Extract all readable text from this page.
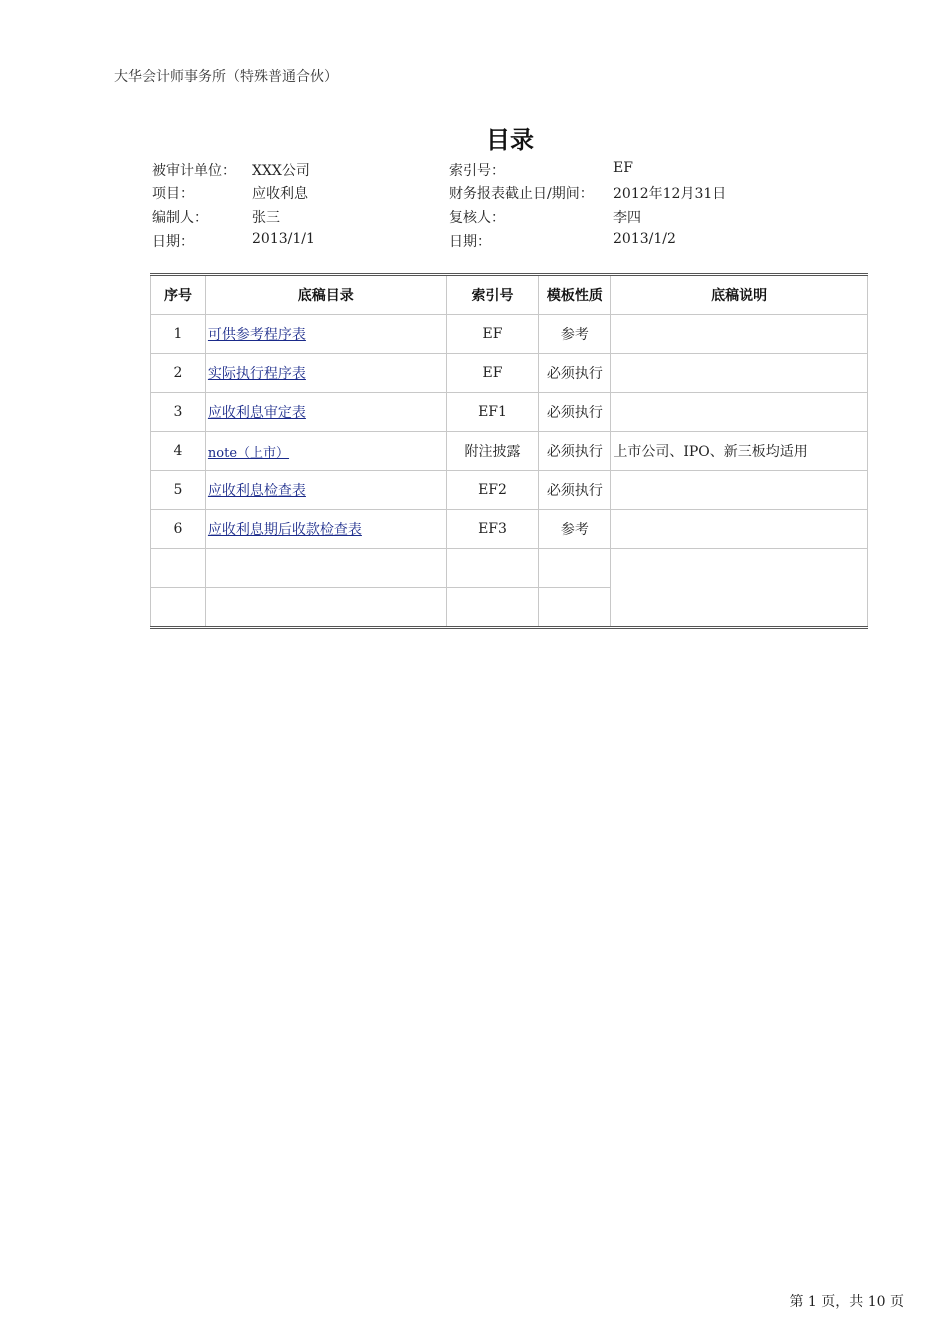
大华会计师事务所（特殊普通合伙）
目录
被审计单位： XXX公司	索引号：	EF
项目：	应收利息	财务报表截止日/期间： 2012年12月31日
编制人：	张三	复核人：	李四
日期：	2013/1/1	日期：	2013/1/2
序号	底稿目录	索引号	模板性质	底稿说明
1	可供参考程序表	EF	参考	
2	实际执行程序表	EF	必须执行	
3	应收利息审定表	EF1	必须执行	
4	note（上市）	附注披露	必须执行	上市公司、IPO、新三板均适用
5	应收利息检查表	EF2	必须执行	
6	应收利息期后收款检查表	EF3	参考	

第 1 页，共 10 页
